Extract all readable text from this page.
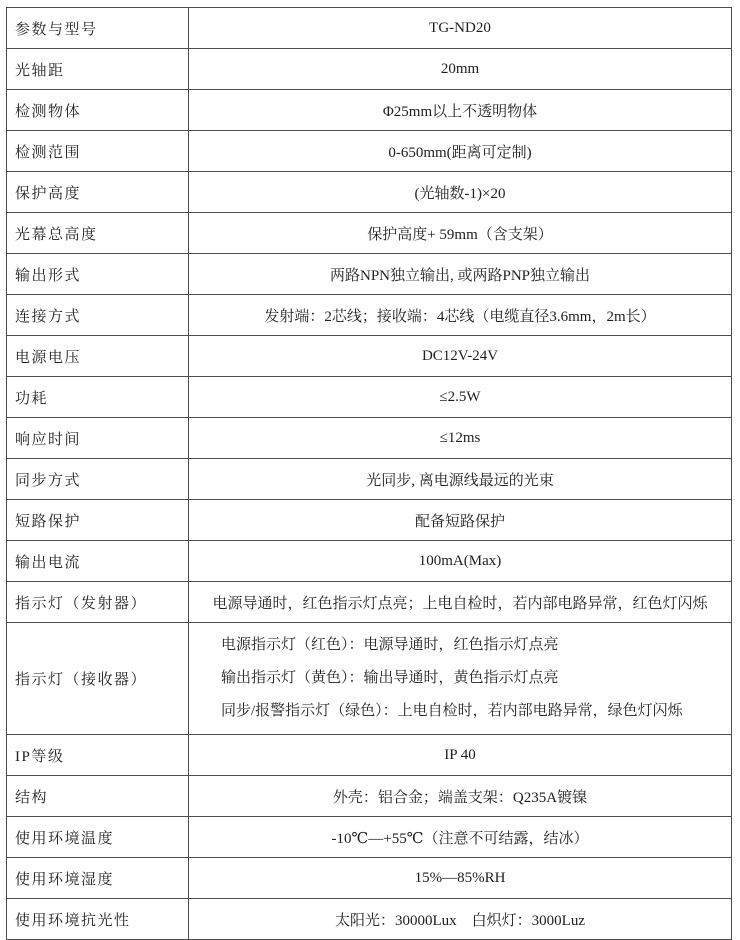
参数与型号	TG-ND20
光轴距	20mm
检测物体	Φ25mm以上不透明物体
检测范围	0-650mm(距离可定制)
保护高度	(光轴数-1)×20
光幕总高度	保护高度+ 59mm（含支架）
输出形式	两路NPN独立输出, 或两路PNP独立输出
连接方式	发射端：2芯线；接收端：4芯线（电缆直径3.6mm，2m长）
电源电压	DC12V-24V
功耗	≤2.5W
响应时间	≤12ms
同步方式	光同步, 离电源线最远的光束
短路保护	配备短路保护
输出电流	100mA(Max)
指示灯（发射器）	电源导通时，红色指示灯点亮；上电自检时，若内部电路异常，红色灯闪烁
指示灯（接收器）	电源指示灯（红色）：电源导通时，红色指示灯点亮
输出指示灯（黄色）：输出导通时，黄色指示灯点亮
同步/报警指示灯（绿色）：上电自检时，若内部电路异常，绿色灯闪烁

IP等级	IP 40
结构	外壳：铝合金；端盖支架：Q235A镀镍
使用环境温度	-10℃—+55℃（注意不可结露，结冰）
使用环境湿度	15%—85%RH
使用环境抗光性	太阳光：30000Lux　白炽灯：3000Luz
